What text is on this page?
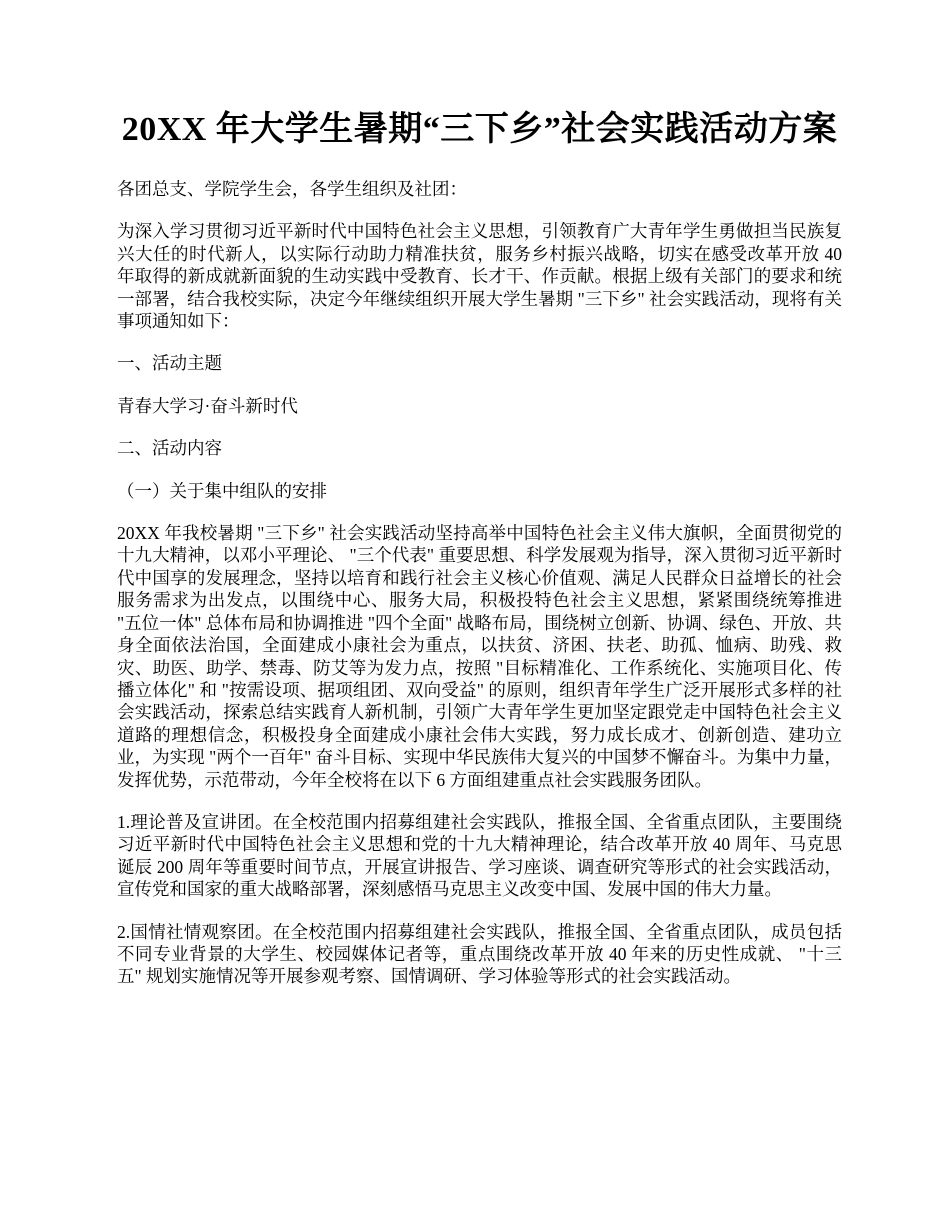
20XX 年大学生暑期“三下乡”社会实践活动方案

各团总支、学院学生会，各学生组织及社团：

为深入学习贯彻习近平新时代中国特色社会主义思想，引领教育广大青年学生勇做担当民族复兴大任的时代新人，以实际行动助力精准扶贫，服务乡村振兴战略，切实在感受改革开放 40 年取得的新成就新面貌的生动实践中受教育、长才干、作贡献。根据上级有关部门的要求和统一部署，结合我校实际，决定今年继续组织开展大学生暑期 "三下乡" 社会实践活动，现将有关事项通知如下：

一、活动主题

青春大学习·奋斗新时代

二、活动内容

（一）关于集中组队的安排

20XX 年我校暑期 "三下乡" 社会实践活动坚持高举中国特色社会主义伟大旗帜，全面贯彻党的十九大精神，以邓小平理论、 "三个代表" 重要思想、科学发展观为指导，深入贯彻习近平新时代中国享的发展理念，坚持以培育和践行社会主义核心价值观、满足人民群众日益增长的社会服务需求为出发点，以围绕中心、服务大局，积极投特色社会主义思想，紧紧围绕统筹推进 "五位一体" 总体布局和协调推进 "四个全面" 战略布局，围绕树立创新、协调、绿色、开放、共身全面依法治国，全面建成小康社会为重点，以扶贫、济困、扶老、助孤、恤病、助残、救灾、助医、助学、禁毒、防艾等为发力点，按照 "目标精准化、工作系统化、实施项目化、传播立体化" 和 "按需设项、据项组团、双向受益" 的原则，组织青年学生广泛开展形式多样的社会实践活动，探索总结实践育人新机制，引领广大青年学生更加坚定跟党走中国特色社会主义道路的理想信念，积极投身全面建成小康社会伟大实践，努力成长成才、创新创造、建功立业，为实现 "两个一百年" 奋斗目标、实现中华民族伟大复兴的中国梦不懈奋斗。为集中力量，发挥优势，示范带动，今年全校将在以下 6 方面组建重点社会实践服务团队。

1.理论普及宣讲团。在全校范围内招募组建社会实践队，推报全国、全省重点团队，主要围绕习近平新时代中国特色社会主义思想和党的十九大精神理论，结合改革开放 40 周年、马克思诞辰 200 周年等重要时间节点，开展宣讲报告、学习座谈、调查研究等形式的社会实践活动，宣传党和国家的重大战略部署，深刻感悟马克思主义改变中国、发展中国的伟大力量。

2.国情社情观察团。在全校范围内招募组建社会实践队，推报全国、全省重点团队，成员包括不同专业背景的大学生、校园媒体记者等，重点围绕改革开放 40 年来的历史性成就、 "十三五" 规划实施情况等开展参观考察、国情调研、学习体验等形式的社会实践活动。
